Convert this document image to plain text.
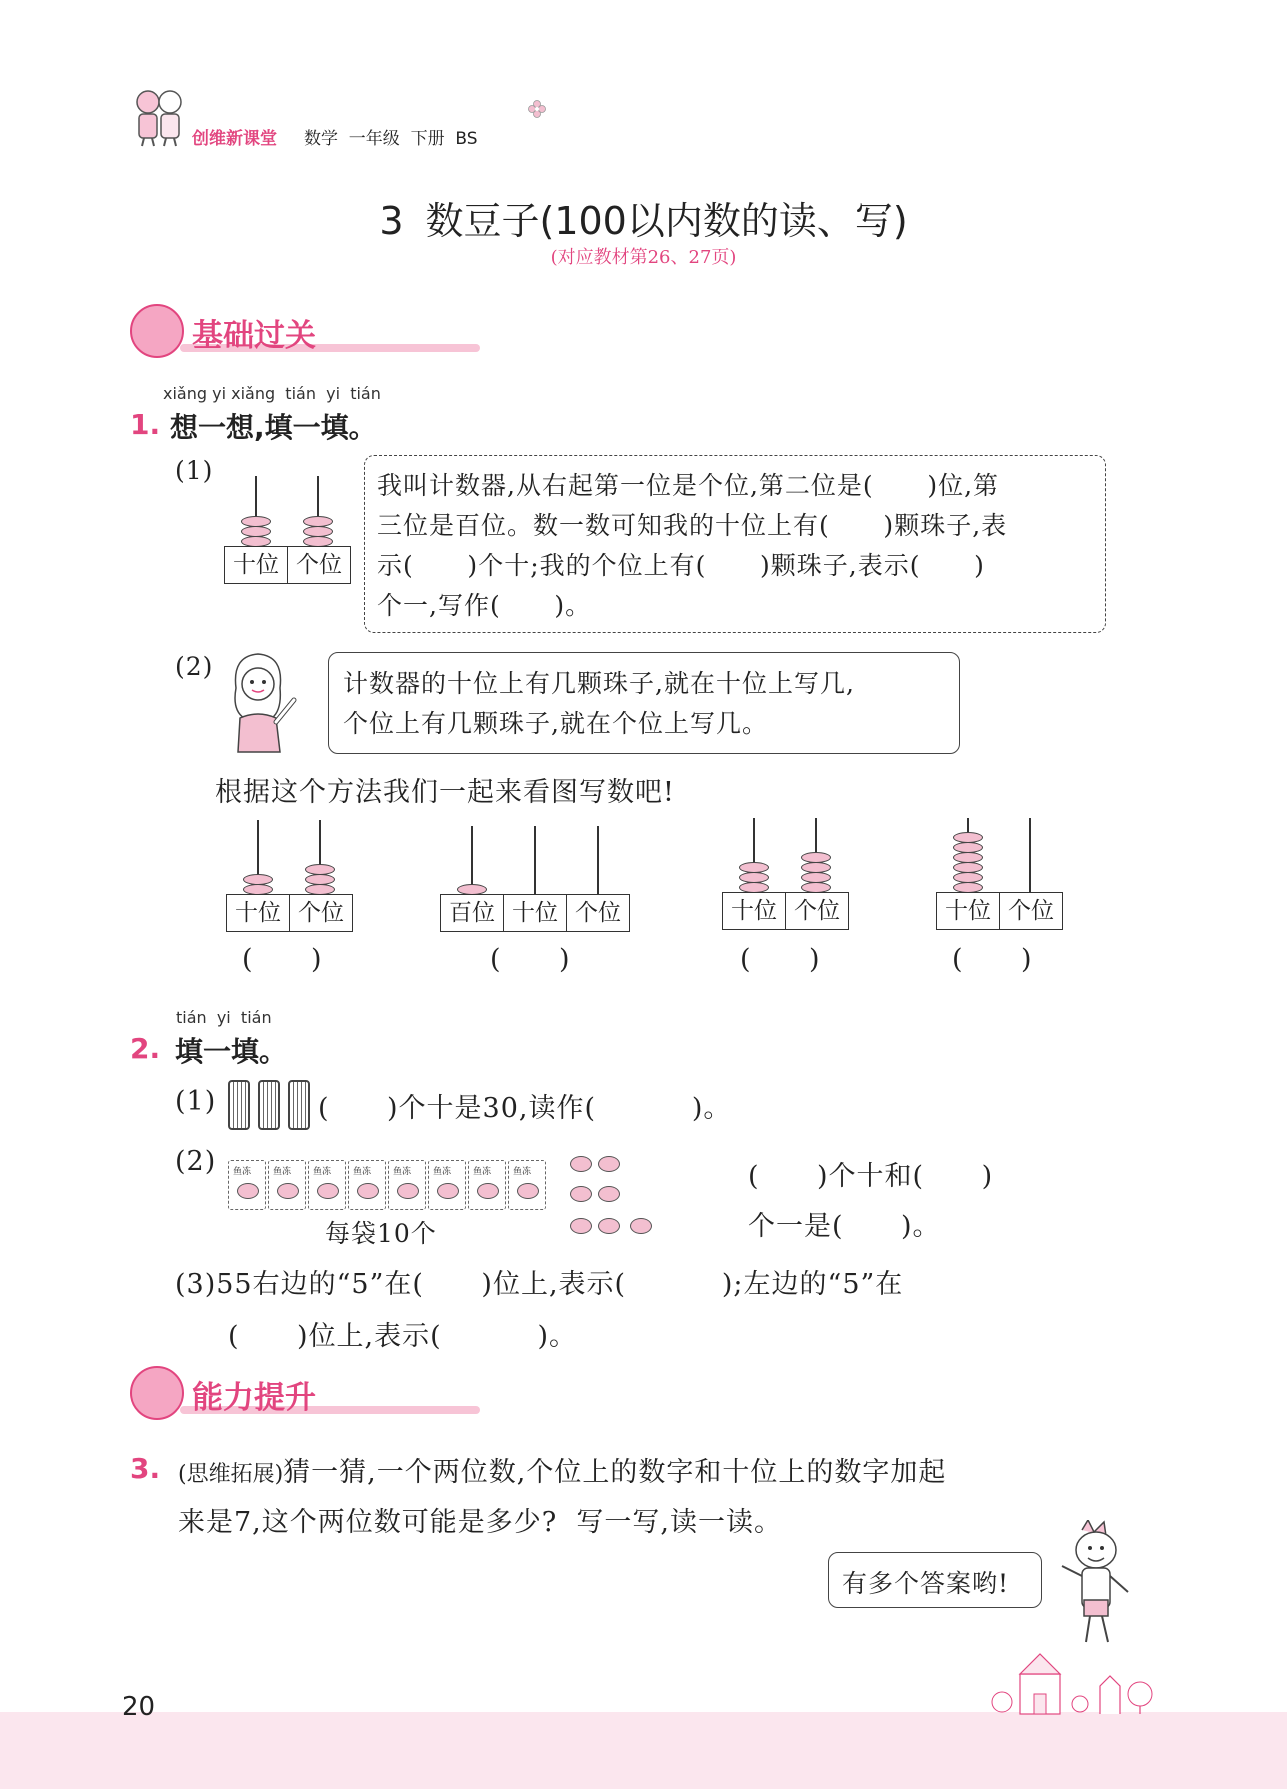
创维新课堂 数学  一年级  下册  BS
3 数豆子(100以内数的读、写)
(对应教材第26、27页)
基础过关
xiǎng yi xiǎng  tián  yi  tián
1. 想一想,填一填。
(1)
十位 个位
我叫计数器,从右起第一位是个位,第二位是(      )位,第
三位是百位。数一数可知我的十位上有(      )颗珠子,表
示(      )个十;我的个位上有(      )颗珠子,表示(      )
个一,写作(      )。
(2)
计数器的十位上有几颗珠子,就在十位上写几,
个位上有几颗珠子,就在个位上写几。
根据这个方法我们一起来看图写数吧!
十位 个位
(      )
百位 十位 个位
(      )
十位 个位
(      )
十位 个位
(      )
tián  yi  tián
2. 填一填。
(1)	(      )个十是30,读作(          )。
(2) 鱼冻 鱼冻 鱼冻 鱼冻 鱼冻 鱼冻 鱼冻 鱼冻
每袋10个
(      )个十和(      )
个一是(      )。
(3)55右边的“5”在(      )位上,表示(          );左边的“5”在
(      )位上,表示(          )。
能力提升
3. (思维拓展)猜一猜,一个两位数,个位上的数字和十位上的数字加起
来是7,这个两位数可能是多少?  写一写,读一读。
有多个答案哟!
20
